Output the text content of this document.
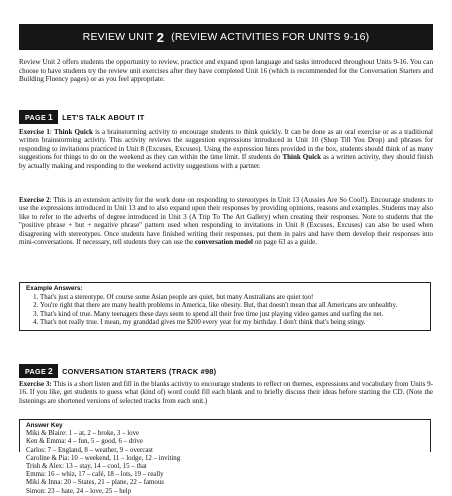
REVIEW UNIT 2 (REVIEW ACTIVITIES FOR UNITS 9-16)

Review Unit 2 offers students the opportunity to review, practice and expand upon language and tasks introduced throughout Units 9-16. You can choose to have students try the review unit exercises after they have completed Unit 16 (which is recommended for the Conversation Starters and Building Fluency pages) or as you feel appropriate.

PAGE 1 LET'S TALK ABOUT IT

Exercise 1: Think Quick is a brainstorming activity to encourage students to think quickly. It can be done as an oral exercise or as a traditional written brainstorming activity. This activity reviews the suggestion expressions introduced in Unit 10 (Shop Till You Drop) and phrases for responding to invitations practiced in Unit 8 (Excuses, Excuses). Using the expression hints provided in the box, students should think of as many suggestions for things to do on the weekend as they can within the time limit. If students do Think Quick as a written activity, they should finish by actually making and responding to the weekend activity suggestions with a partner.

Exercise 2: This is an extension activity for the work done on responding to stereotypes in Unit 13 (Aussies Are So Cool!). Encourage students to use the expressions introduced in Unit 13 and to also expand upon their responses by providing opinions, reasons and examples. Students may also like to refer to the adverbs of degree introduced in Unit 3 (A Trip To The Art Gallery) when creating their responses. Note to students that the "positive phrase + but + negative phrase" pattern used when responding to invitations in Unit 8 (Excuses, Excuses) can also be used when disagreeing with stereotypes. Once students have finished writing their responses, put them in pairs and have them develop their responses into mini-conversations. If necessary, tell students they can use the conversation model on page 63 as a guide.

Example Answers:

1. That's just a stereotype. Of course some Asian people are quiet, but many Australians are quiet too!
2. You're right that there are many health problems in America, like obesity. But, that doesn't mean that all Americans are unhealthy.
3. That's kind of true. Many teenagers these days seem to spend all their free time just playing video games and surfing the net.
4. That's not really true. I mean, my granddad gives me $200 every year for my birthday. I don't think that's being stingy.
PAGE 2 CONVERSATION STARTERS (TRACK #98)

Exercise 3: This is a short listen and fill in the blanks activity to encourage students to reflect on themes, expressions and vocabulary from Units 9-16. If you like, get students to guess what (kind of) word could fill each blank and to briefly discuss their ideas before starting the CD. (Note the listenings are shortened versions of selected tracks from each unit.)

Answer Key

Miki & Blaire: 1 – at, 2 – broke, 3 – love

Ken & Emma: 4 – fun, 5 – good, 6 – drive

Carlos: 7 – England, 8 – weather, 9 – overcast

Caroline & Pia: 10 – weekend, 11 – lodge, 12 – inviting

Trish & Alex: 13 – stay, 14 – cool, 15 – that

Emma: 16 – whiz, 17 – café, 18 – lots, 19 – really

Miki & Inna: 20 – States, 21 – plane, 22 – famous

Simon: 23 – hate, 24 – love, 25 – help
